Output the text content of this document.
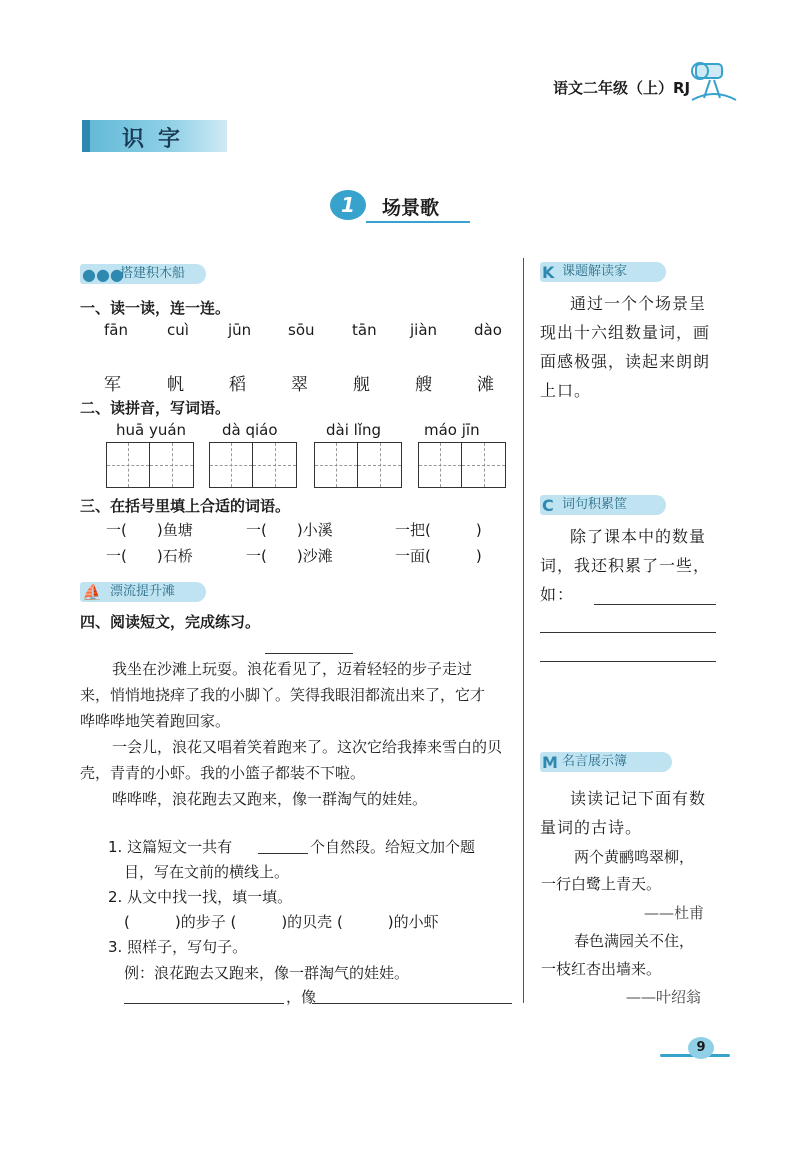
语文二年级（上）RJ
识字
1	场景歌
●●●
搭建积木船
一、读一读，连一连。
fān	cuì	jūn sōu	tān jiàn dào
军	帆	稻	翠	舰	艘	滩
二、读拼音，写词语。
huā yuán dà qiáo	dài lǐng	máo jīn
三、在括号里填上合适的词语。
一(　　)鱼塘	一(　　)小溪	一把(　　　)
一(　　)石桥	一(　　)沙滩	一面(　　　)
⛵ 漂流提升滩
四、阅读短文，完成练习。
我坐在沙滩上玩耍。浪花看见了，迈着轻轻的步子走过来，悄悄地挠痒了我的小脚丫。笑得我眼泪都流出来了，它才哗哗哗地笑着跑回家。
一会儿，浪花又唱着笑着跑来了。这次它给我捧来雪白的贝壳，青青的小虾。我的小篮子都装不下啦。
哗哗哗，浪花跑去又跑来，像一群淘气的娃娃。
1. 这篇短文一共有	个自然段。给短文加个题
目，写在文前的横线上。
2. 从文中找一找，填一填。
(　　　)的步子 (　　　)的贝壳 (　　　)的小虾
3. 照样子，写句子。
例：浪花跑去又跑来，像一群淘气的娃娃。
，像
K 课题解读家
通过一个个场景呈现出十六组数量词，画面感极强，读起来朗朗上口。
C 词句积累筐
除了课本中的数量词，我还积累了一些，如：
M 名言展示簿
读读记记下面有数量词的古诗。
两个黄鹂鸣翠柳，
一行白鹭上青天。
——杜甫
春色满园关不住，
一枝红杏出墙来。
——叶绍翁
9
